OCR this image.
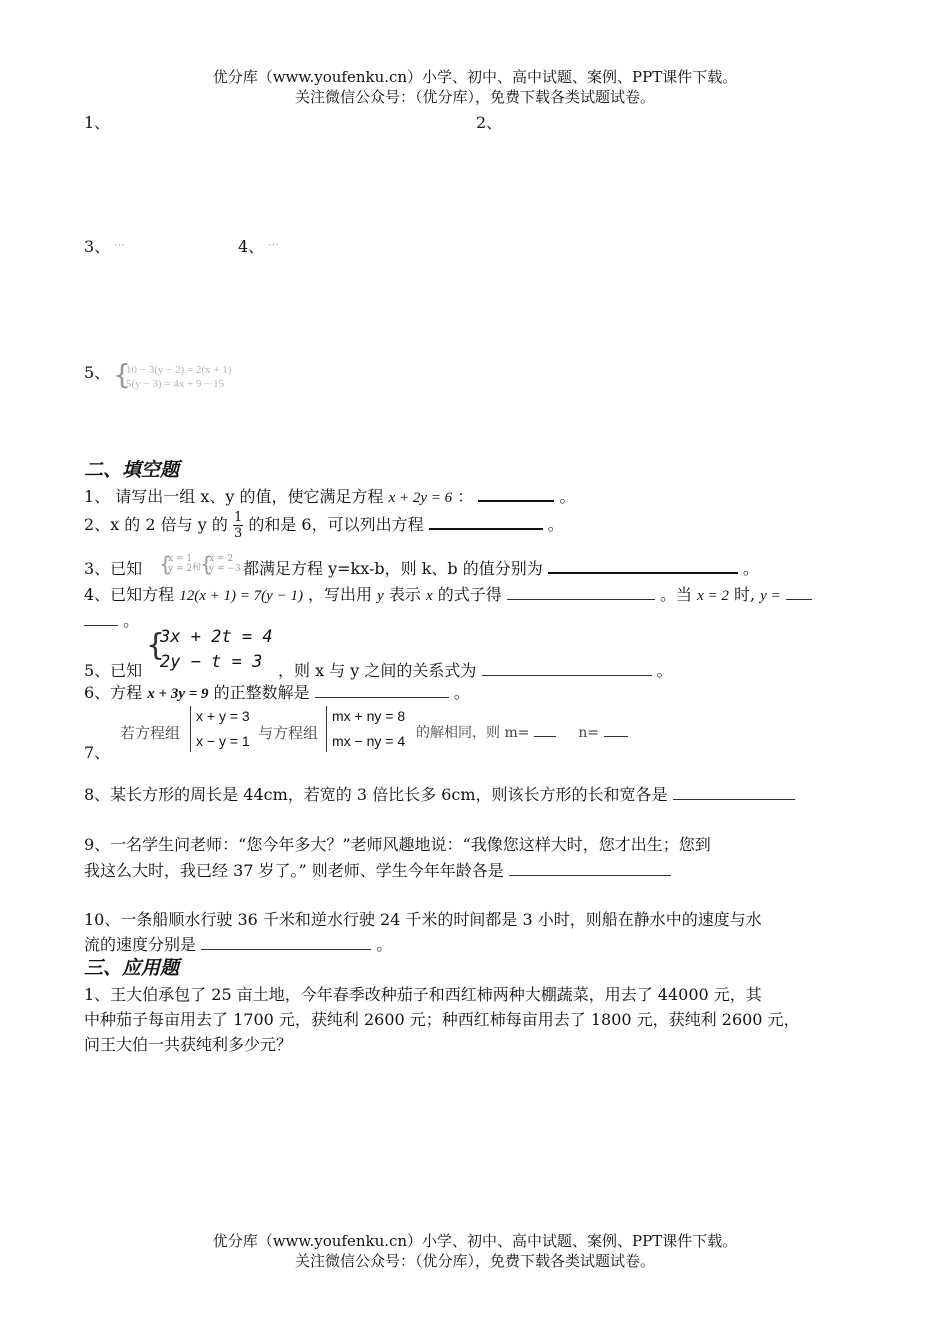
优分库（www.youfenku.cn）小学、初中、高中试题、案例、PPT课件下载。
关注微信公众号：（优分库），免费下载各类试题试卷。
1、	2、
3、 ⋯	4、 ⋯
5、 {
10 − 3(y − 2) = 2(x + 1)
5(y − 3) = 4x + 9 − 15
二、填空题
1、 请写出一组 x、y 的值，使它满足方程 x + 2y = 6 ：	。
2、x 的 2 倍与 y 的 $\frac{1}{3}$ 的和是 6，可以列出方程	。
3、已知 {
x = 1
y = 2 和
{
x = 2
y = −3 都满足方程 y=kx-b，则 k、b 的值分别为	。
4、已知方程 12(x + 1) = 7(y − 1) ，写出用 y 表示 x 的式子得	。当 x = 2 时, y =
。
{
3x + 2t = 4
2y − t = 3
5、已知	，则 x 与 y 之间的关系式为	。
6、方程 x + 3y = 9 的正整数解是	。
7、
若方程组
x + y = 3
x − y = 1 与方程组
mx + ny = 8
mx − ny = 4 的解相同，则 m=	n=
8、某长方形的周长是 44cm，若宽的 3 倍比长多 6cm，则该长方形的长和宽各是
9、一名学生问老师：“您今年多大？”老师风趣地说：“我像您这样大时，您才出生；您到
我这么大时，我已经 37 岁了。” 则老师、学生今年年龄各是
10、一条船顺水行驶 36 千米和逆水行驶 24 千米的时间都是 3 小时，则船在静水中的速度与水
流的速度分别是	。
三、应用题
1、王大伯承包了 25 亩土地，今年春季改种茄子和西红柿两种大棚蔬菜，用去了 44000 元，其
中种茄子每亩用去了 1700 元，获纯利 2600 元；种西红柿每亩用去了 1800 元，获纯利 2600 元，
问王大伯一共获纯利多少元？
优分库（www.youfenku.cn）小学、初中、高中试题、案例、PPT课件下载。
关注微信公众号：（优分库），免费下载各类试题试卷。
